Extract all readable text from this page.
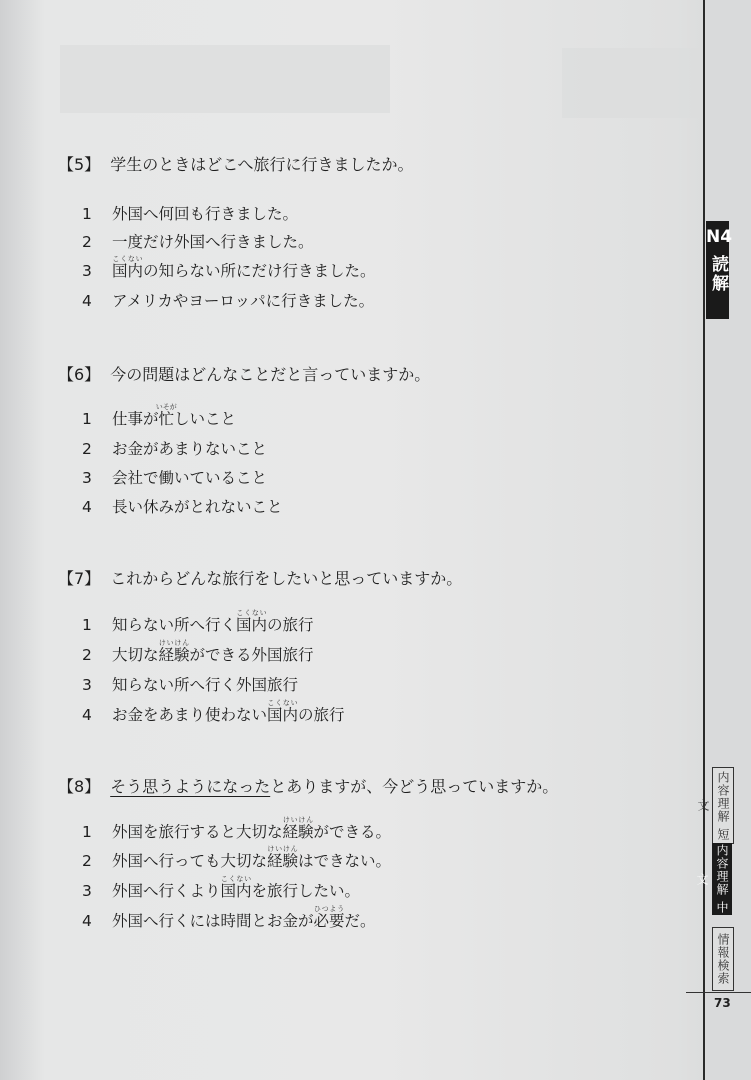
【5】 学生のときはどこへ旅行に行きましたか。
1 外国へ何回も行きました。
2 一度だけ外国へ行きました。
3 国内こくないの知らない所にだけ行きました。
4 アメリカやヨーロッパに行きました。
【6】 今の問題はどんなことだと言っていますか。
1 仕事が忙いそがしいこと
2 お金があまりないこと
3 会社で働いていること
4 長い休みがとれないこと
【7】 これからどんな旅行をしたいと思っていますか。
1 知らない所へ行く国内こくないの旅行
2 大切な経験けいけんができる外国旅行
3 知らない所へ行く外国旅行
4 お金をあまり使わない国内こくないの旅行
【8】 そう思うようになったとありますが、今どう思っていますか。
1 外国を旅行すると大切な経験けいけんができる。
2 外国へ行っても大切な経験けいけんはできない。
3 外国へ行くより国内こくないを旅行したい。
4 外国へ行くには時間とお金が必要ひつようだ。
N4
読解
内容理解 短文
内容理解 中文
情報検索
73
